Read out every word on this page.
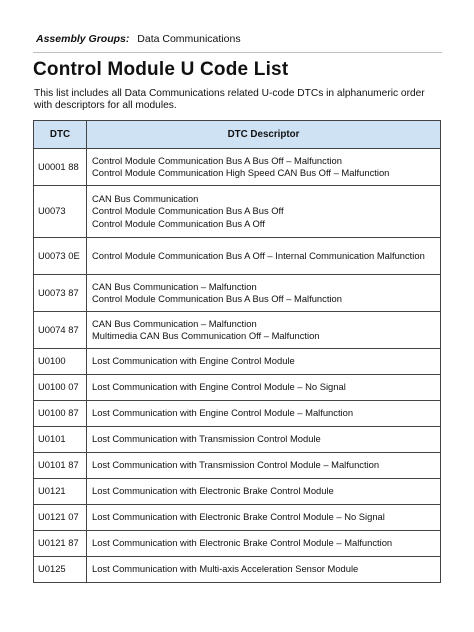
Assembly Groups: Data Communications
Control Module U Code List
This list includes all Data Communications related U-code DTCs in alphanumeric order with descriptors for all modules.
DTC	DTC Descriptor
U0001 88	Control Module Communication Bus A Bus Off – Malfunction
Control Module Communication High Speed CAN Bus Off – Malfunction

U0073	CAN Bus Communication
Control Module Communication Bus A Bus Off
Control Module Communication Bus A Off

U0073 0E	Control Module Communication Bus A Off – Internal Communication Malfunction

U0073 87	CAN Bus Communication – Malfunction
Control Module Communication Bus A Bus Off – Malfunction

U0074 87	CAN Bus Communication – Malfunction
Multimedia CAN Bus Communication Off – Malfunction

U0100	Lost Communication with Engine Control Module

U0100 07	Lost Communication with Engine Control Module – No Signal

U0100 87	Lost Communication with Engine Control Module – Malfunction

U0101	Lost Communication with Transmission Control Module

U0101 87	Lost Communication with Transmission Control Module – Malfunction

U0121	Lost Communication with Electronic Brake Control Module

U0121 07	Lost Communication with Electronic Brake Control Module – No Signal

U0121 87	Lost Communication with Electronic Brake Control Module – Malfunction

U0125	Lost Communication with Multi-axis Acceleration Sensor Module
